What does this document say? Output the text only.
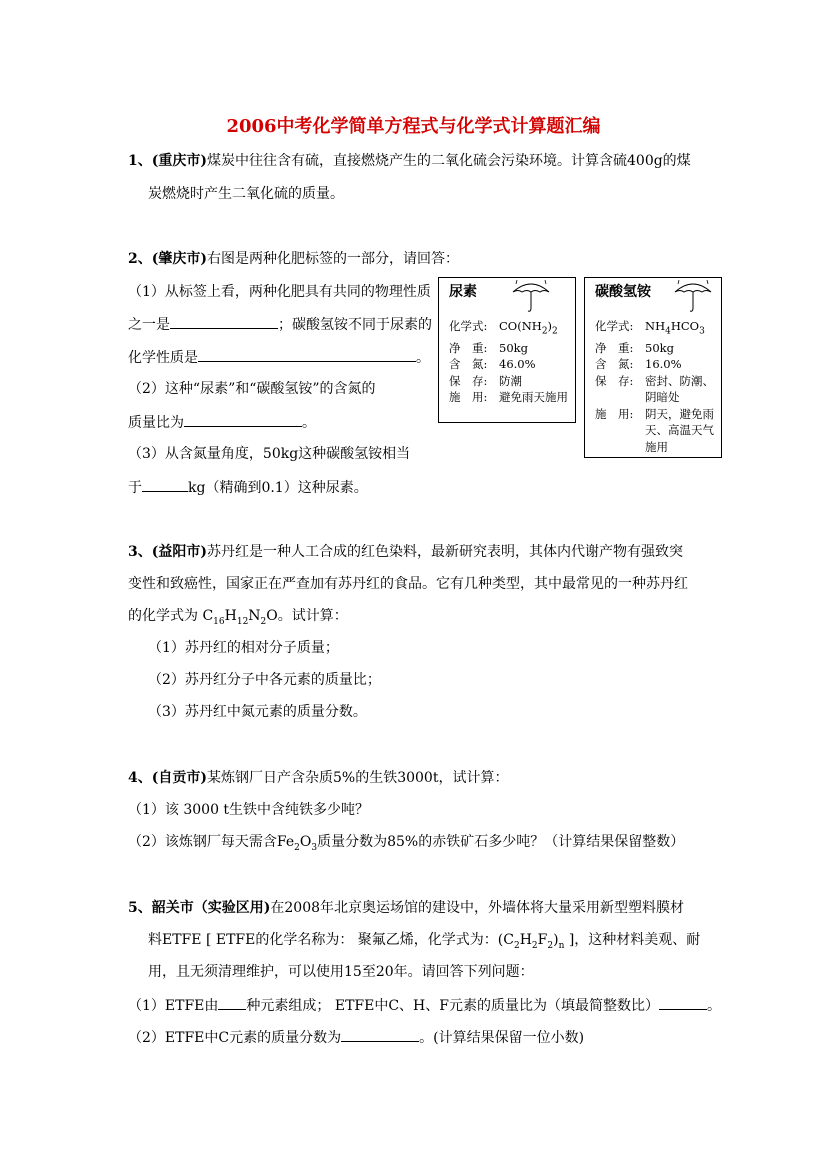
2006中考化学简单方程式与化学式计算题汇编
1、(重庆市)煤炭中往往含有硫，直接燃烧产生的二氧化硫会污染环境。计算含硫400g的煤
炭燃烧时产生二氧化硫的质量。
2、(肇庆市)右图是两种化肥标签的一部分，请回答：
（1）从标签上看，两种化肥具有共同的物理性质
之一是	；碳酸氢铵不同于尿素的
化学性质是	。
（2）这种“尿素”和“碳酸氢铵”的含氮的
质量比为	。
（3）从含氮量角度，50kg这种碳酸氢铵相当
于	kg（精确到0.1）这种尿素。
尿素
化学式:	$CO(NH_2)_2$
净　重:	50kg
含　氮:	46.0%
保　存:	防潮
施　用:	避免雨天施用
碳酸氢铵
化学式:	$NH_4HCO_3$
净　重:	50kg
含　氮:	16.0%
保　存:	密封、防潮、阴暗处
施　用:	阴天，避免雨天、高温天气施用
3、(益阳市)苏丹红是一种人工合成的红色染料，最新研究表明，其体内代谢产物有强致突
变性和致癌性，国家正在严查加有苏丹红的食品。它有几种类型，其中最常见的一种苏丹红
的化学式为 $C_{16}H_{12}N_2O$。试计算：
（1）苏丹红的相对分子质量；
（2）苏丹红分子中各元素的质量比；
（3）苏丹红中氮元素的质量分数。
4、(自贡市)某炼钢厂日产含杂质5%的生铁3000t，试计算：
（1）该 3000 t生铁中含纯铁多少吨？
（2）该炼钢厂每天需含$Fe_2O_3$质量分数为85%的赤铁矿石多少吨？（计算结果保留整数）
5、韶关市（实验区用)在2008年北京奥运场馆的建设中，外墙体将大量采用新型塑料膜材
料ETFE [ ETFE的化学名称为： 聚氟乙烯，化学式为：$(C_2H_2F_2)_n$ ]，这种材料美观、耐
用，且无须清理维护，可以使用15至20年。请回答下列问题：
（1）ETFE由 种元素组成； ETFE中C、H、F元素的质量比为（填最简整数比）	。
（2）ETFE中C元素的质量分数为	。(计算结果保留一位小数)
